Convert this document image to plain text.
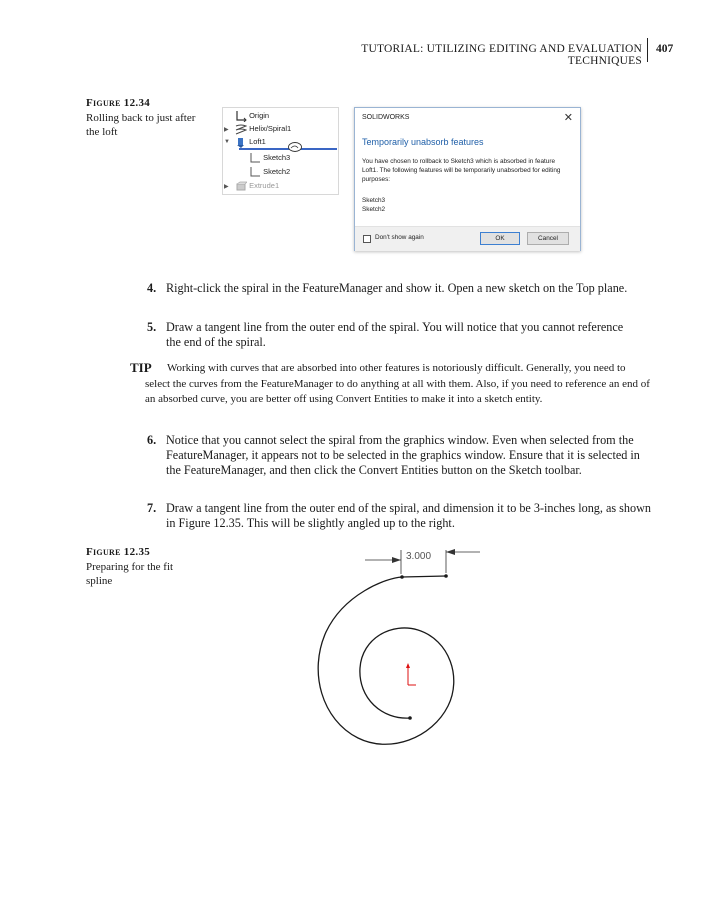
TUTORIAL: UTILIZING EDITING AND EVALUATION TECHNIQUES
407
Figure 12.34
Rolling back to just after the loft
Origin
▶	Helix/Spiral1
▼	Loft1
Sketch3
Sketch2
▶	Extrude1
SOLIDWORKS	✕
Temporarily unabsorb features
You have chosen to rollback to Sketch3 which is absorbed in feature Loft1. The following features will be temporarily unabsorbed for editing purposes:
Sketch3
Sketch2
Don't show again	OK	Cancel
4. Right-click the spiral in the FeatureManager and show it. Open a new sketch on the Top plane.
5. Draw a tangent line from the outer end of the spiral. You will notice that you cannot reference the end of the spiral.
TIP	Working with curves that are absorbed into other features is notoriously difficult. Generally, you need to select the curves from the FeatureManager to do anything at all with them. Also, if you need to reference an end of an absorbed curve, you are better off using Convert Entities to make it into a sketch entity.
6. Notice that you cannot select the spiral from the graphics window. Even when selected from the FeatureManager, it appears not to be selected in the graphics window. Ensure that it is selected in the FeatureManager, and then click the Convert Entities button on the Sketch toolbar.
7. Draw a tangent line from the outer end of the spiral, and dimension it to be 3-inches long, as shown in Figure 12.35. This will be slightly angled up to the right.
Figure 12.35
Preparing for the fit spline
3.000
